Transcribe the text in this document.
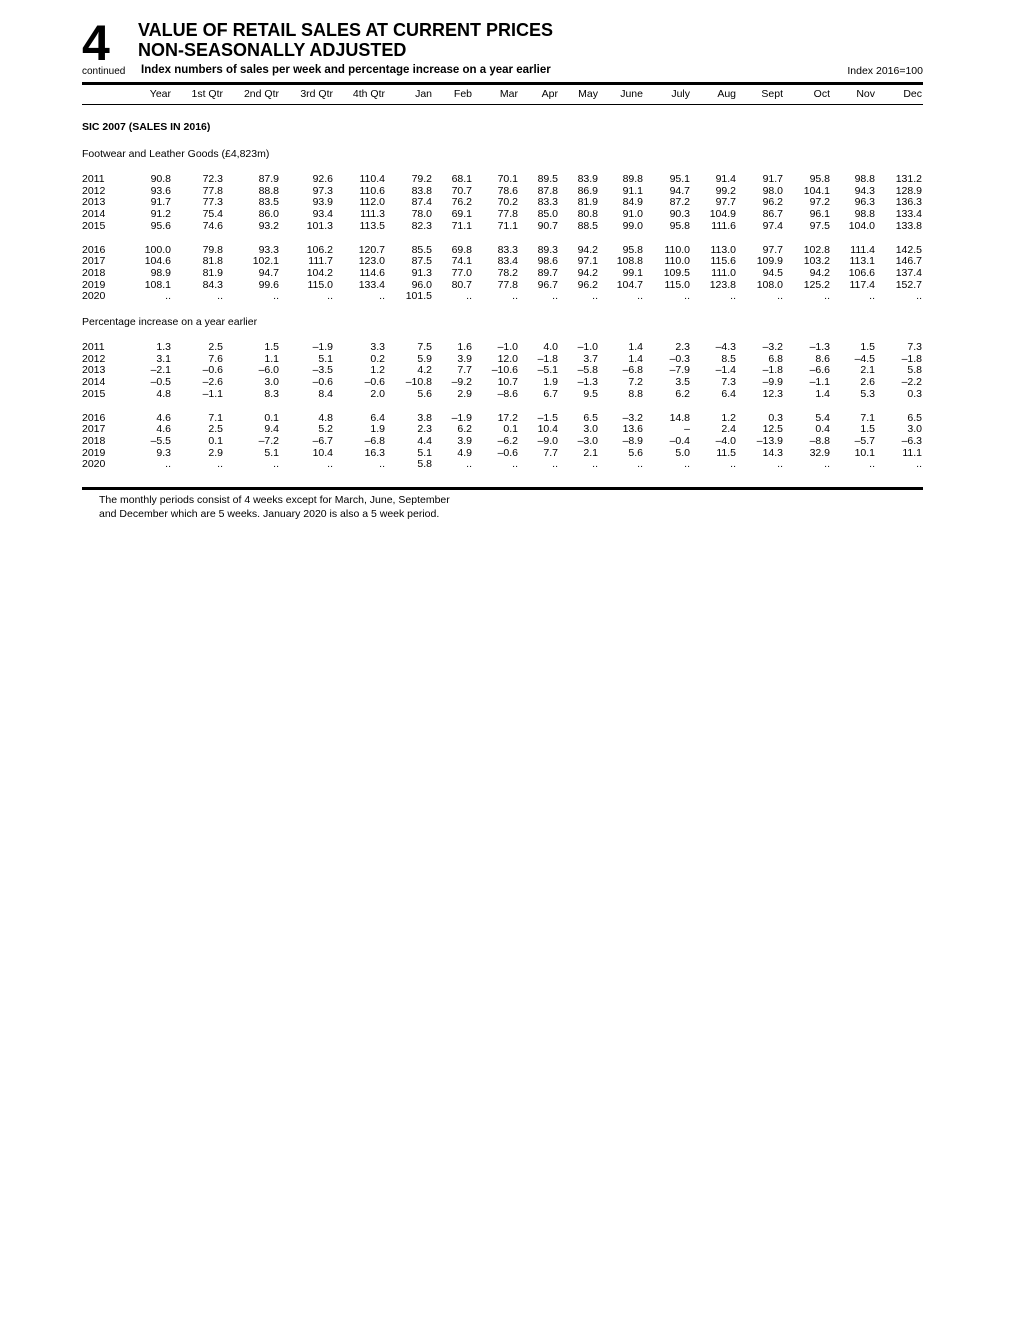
4 VALUE OF RETAIL SALES AT CURRENT PRICES
NON-SEASONALLY ADJUSTED
continued Index numbers of sales per week and percentage increase on a year earlier	Index 2016=100
Year	1st Qtr	2nd Qtr	3rd Qtr	4th Qtr	Jan	Feb	Mar	Apr	May	June	July	Aug	Sept	Oct	Nov	Dec
SIC 2007 (SALES IN 2016)
Footwear and Leather Goods (£4,823m)
2011	90.8	72.3	87.9	92.6	110.4	79.2	68.1	70.1	89.5	83.9	89.8	95.1	91.4	91.7	95.8	98.8	131.2
2012	93.6	77.8	88.8	97.3	110.6	83.8	70.7	78.6	87.8	86.9	91.1	94.7	99.2	98.0	104.1	94.3	128.9
2013	91.7	77.3	83.5	93.9	112.0	87.4	76.2	70.2	83.3	81.9	84.9	87.2	97.7	96.2	97.2	96.3	136.3
2014	91.2	75.4	86.0	93.4	111.3	78.0	69.1	77.8	85.0	80.8	91.0	90.3	104.9	86.7	96.1	98.8	133.4
2015	95.6	74.6	93.2	101.3	113.5	82.3	71.1	71.1	90.7	88.5	99.0	95.8	111.6	97.4	97.5	104.0	133.8
2016	100.0	79.8	93.3	106.2	120.7	85.5	69.8	83.3	89.3	94.2	95.8	110.0	113.0	97.7	102.8	111.4	142.5
2017	104.6	81.8	102.1	111.7	123.0	87.5	74.1	83.4	98.6	97.1	108.8	110.0	115.6	109.9	103.2	113.1	146.7
2018	98.9	81.9	94.7	104.2	114.6	91.3	77.0	78.2	89.7	94.2	99.1	109.5	111.0	94.5	94.2	106.6	137.4
2019	108.1	84.3	99.6	115.0	133.4	96.0	80.7	77.8	96.7	96.2	104.7	115.0	123.8	108.0	125.2	117.4	152.7
2020	..	..	..	..	..	101.5	..	..	..	..	..	..	..	..	..	..	..
Percentage increase on a year earlier
2011	1.3	2.5	1.5	–1.9	3.3	7.5	1.6	–1.0	4.0	–1.0	1.4	2.3	–4.3	–3.2	–1.3	1.5	7.3
2012	3.1	7.6	1.1	5.1	0.2	5.9	3.9	12.0	–1.8	3.7	1.4	–0.3	8.5	6.8	8.6	–4.5	–1.8
2013	–2.1	–0.6	–6.0	–3.5	1.2	4.2	7.7	–10.6	–5.1	–5.8	–6.8	–7.9	–1.4	–1.8	–6.6	2.1	5.8
2014	–0.5	–2.6	3.0	–0.6	–0.6	–10.8	–9.2	10.7	1.9	–1.3	7.2	3.5	7.3	–9.9	–1.1	2.6	–2.2
2015	4.8	–1.1	8.3	8.4	2.0	5.6	2.9	–8.6	6.7	9.5	8.8	6.2	6.4	12.3	1.4	5.3	0.3
2016	4.6	7.1	0.1	4.8	6.4	3.8	–1.9	17.2	–1.5	6.5	–3.2	14.8	1.2	0.3	5.4	7.1	6.5
2017	4.6	2.5	9.4	5.2	1.9	2.3	6.2	0.1	10.4	3.0	13.6	–	2.4	12.5	0.4	1.5	3.0
2018	–5.5	0.1	–7.2	–6.7	–6.8	4.4	3.9	–6.2	–9.0	–3.0	–8.9	–0.4	–4.0	–13.9	–8.8	–5.7	–6.3
2019	9.3	2.9	5.1	10.4	16.3	5.1	4.9	–0.6	7.7	2.1	5.6	5.0	11.5	14.3	32.9	10.1	11.1
2020	..	..	..	..	..	5.8	..	..	..	..	..	..	..	..	..	..	..
The monthly periods consist of 4 weeks except for March, June, September
and December which are 5 weeks. January 2020 is also a 5 week period.
